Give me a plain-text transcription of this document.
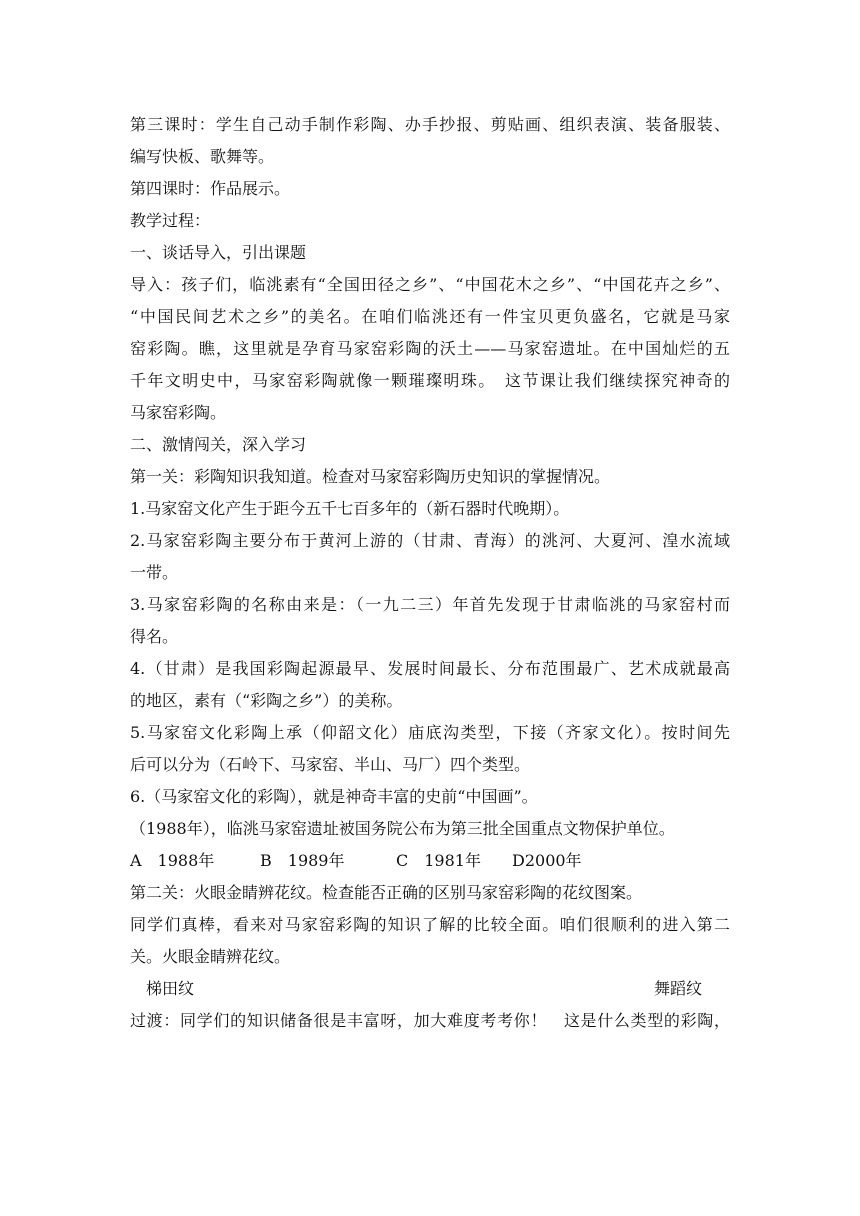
第三课时：学生自己动手制作彩陶、办手抄报、剪贴画、组织表演、装备服装、
编写快板、歌舞等。
第四课时：作品展示。
教学过程：
一、谈话导入，引出课题
导入：孩子们，临洮素有“全国田径之乡”、“中国花木之乡”、“中国花卉之乡”、
“中国民间艺术之乡”的美名。在咱们临洮还有一件宝贝更负盛名，它就是马家
窑彩陶。瞧，这里就是孕育马家窑彩陶的沃土——马家窑遗址。在中国灿烂的五
千年文明史中，马家窑彩陶就像一颗璀璨明珠。　这节课让我们继续探究神奇的
马家窑彩陶。
二、激情闯关，深入学习
第一关：彩陶知识我知道。检查对马家窑彩陶历史知识的掌握情况。
1.马家窑文化产生于距今五千七百多年的（新石器时代晚期）。
2.马家窑彩陶主要分布于黄河上游的（甘肃、青海）的洮河、大夏河、湟水流域
一带。
3.马家窑彩陶的名称由来是：（一九二三）年首先发现于甘肃临洮的马家窑村而
得名。
4.（甘肃）是我国彩陶起源最早、发展时间最长、分布范围最广、艺术成就最高
的地区，素有（“彩陶之乡”）的美称。
5.马家窑文化彩陶上承（仰韶文化）庙底沟类型，下接（齐家文化）。按时间先
后可以分为（石岭下、马家窑、半山、马厂）四个类型。
6.（马家窑文化的彩陶），就是神奇丰富的史前“中国画”。
（1988年），临洮马家窑遗址被国务院公布为第三批全国重点文物保护单位。
A　1988年	B　1989年	C　1981年	D2000年
第二关：火眼金睛辨花纹。检查能否正确的区别马家窑彩陶的花纹图案。
同学们真棒，看来对马家窑彩陶的知识了解的比较全面。咱们很顺利的进入第二
关。火眼金睛辨花纹。
梯田纹	舞蹈纹
过渡：同学们的知识储备很是丰富呀，加大难度考考你！　这是什么类型的彩陶，
